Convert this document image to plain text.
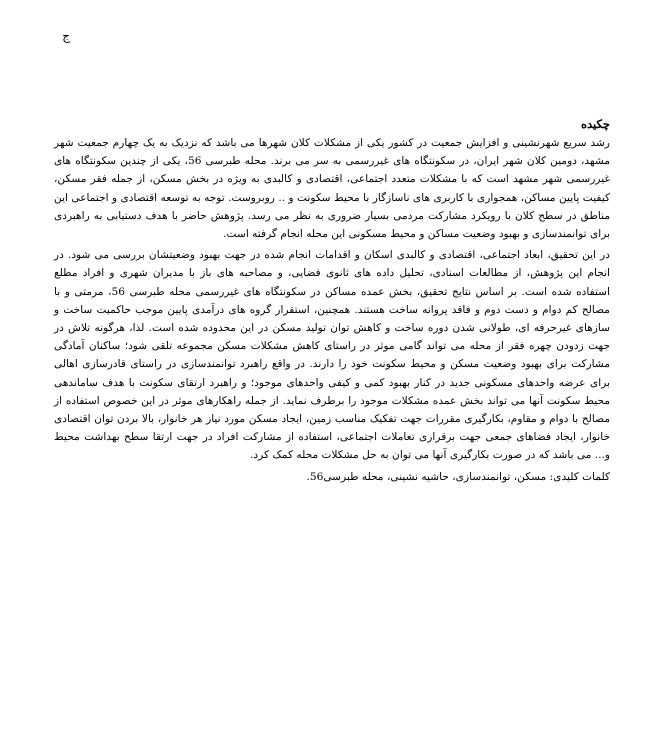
ج
چکیده

رشد سریع شهرنشینی و افزایش جمعیت در کشور یکی از مشکلات کلان شهرها می باشد که نزدیک به یک چهارم جمعیت شهر مشهد، دومین کلان شهر ایران، در سکونتگاه های غیررسمی به سر می برند. محله طبرسی 56، یکی از چندین سکونتگاه های غیررسمی شهر مشهد است که با مشکلات متعدد اجتماعی، اقتصادی و کالبدی به ویژه در بخش مسکن، از جمله فقر مسکن، کیفیت پایین مساکن، همجواری با کاربری های ناسازگار با محیط سکونت و .. روبروست. توجه به توسعه اقتصادی و اجتماعی این مناطق در سطح کلان با رویکرد مشارکت مردمی بسیار ضروری به نظر می رسد. پژوهش حاضر با هدف دستیابی به راهبردی برای توانمندسازی و بهبود وضعیت مساکن و محیط مسکونی این محله انجام گرفته است.

در این تحقیق، ابعاد اجتماعی، اقتصادی و کالبدی اسکان و اقدامات انجام شده در جهت بهبود وضعیتشان بررسی می شود. در انجام این پژوهش، از مطالعات اسنادی، تحلیل داده های ثانوی فضایی، و مصاحبه های باز با مدیران شهری و افراد مطلع استفاده شده است. بر اساس نتایج تحقیق، بخش عمده مساکن در سکونتگاه های غیررسمی محله طبرسی 56، مرمتی و با مصالح کم دوام و دست دوم و فاقد پروانه ساخت هستند. همچنین، استقرار گروه های درآمدی پایین موجب حاکمیت ساخت و سازهای غیرحرفه ای، طولانی شدن دوره ساخت و کاهش توان تولید مسکن در این محدوده شده است. لذا، هرگونه تلاش در جهت زدودن چهره فقر از محله می تواند گامی موثر در راستای کاهش مشکلات مسکن مجموعه تلقی شود؛ ساکنان آمادگی مشارکت برای بهبود وضعیت مسکن و محیط سکونت خود را دارند. در واقع راهبرد توانمندسازی در راستای قادرسازی اهالی برای عرضه واحدهای مسکونی جدید در کنار بهبود کمی و کیفی واحدهای موجود؛ و راهبرد ارتقای سکونت با هدف ساماندهی محیط سکونت آنها می تواند بخش عمده مشکلات موجود را برطرف نماید. از جمله راهکارهای موثر در این خصوص استفاده از مصالح با دوام و مقاوم، بکارگیری مقررات جهت تفکیک مناسب زمین، ایجاد مسکن مورد نیاز هر خانوار، بالا بردن توان اقتصادی خانوار، ایجاد فضاهای جمعی جهت برقراری تعاملات اجتماعی، استفاده از مشارکت افراد در جهت ارتقا سطح بهداشت محیط و... می باشد که در صورت بکارگیری آنها می توان به حل مشکلات محله کمک کرد.

کلمات کلیدی: مسکن، توانمندسازی، حاشیه نشینی، محله طبرسی56.
